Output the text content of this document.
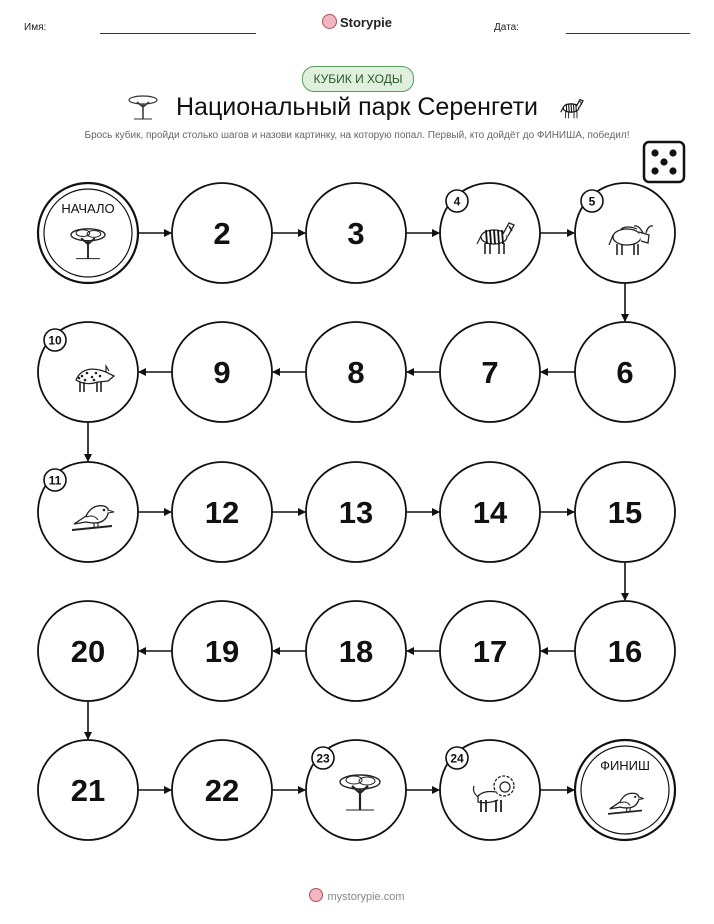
Имя:	Storypie	Дата:
КУБИК И ХОДЫ
Национальный парк Серенгети
Брось кубик, пройди столько шагов и назови картинку, на которую попал. Первый, кто дойдёт до ФИНИША, победил!
НАЧАЛО
2	3
4	5
6
7
8
9
10
11
12	13	14	15
16
17
18
19
20
21	22
23	24	ФИНИШ
mystorypie.com
